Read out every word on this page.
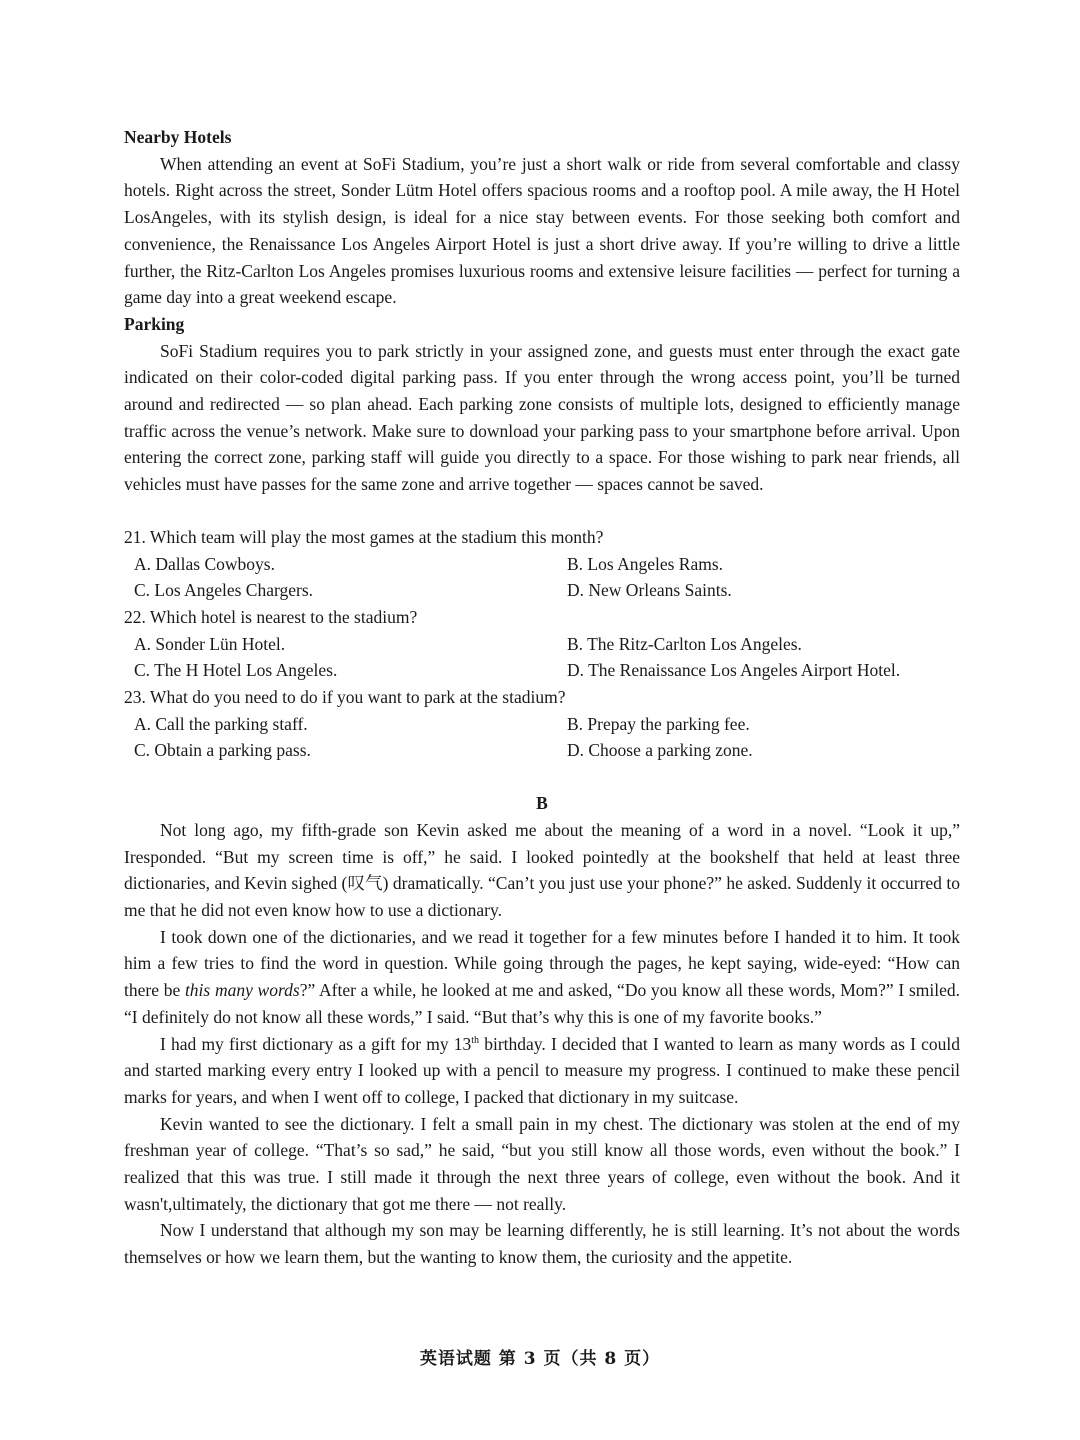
Nearby Hotels

When attending an event at SoFi Stadium, you’re just a short walk or ride from several comfortable and classy hotels. Right across the street, Sonder Lütm Hotel offers spacious rooms and a rooftop pool. A mile away, the H Hotel LosAngeles, with its stylish design, is ideal for a nice stay between events. For those seeking both comfort and convenience, the Renaissance Los Angeles Airport Hotel is just a short drive away. If you’re willing to drive a little further, the Ritz-Carlton Los Angeles promises luxurious rooms and extensive leisure facilities — perfect for turning a game day into a great weekend escape.

Parking

SoFi Stadium requires you to park strictly in your assigned zone, and guests must enter through the exact gate indicated on their color-coded digital parking pass. If you enter through the wrong access point, you’ll be turned around and redirected — so plan ahead. Each parking zone consists of multiple lots, designed to efficiently manage traffic across the venue’s network. Make sure to download your parking pass to your smartphone before arrival. Upon entering the correct zone, parking staff will guide you directly to a space. For those wishing to park near friends, all vehicles must have passes for the same zone and arrive together — spaces cannot be saved.

21. Which team will play the most games at the stadium this month?

A. Dallas Cowboys.	B. Los Angeles Rams.
C. Los Angeles Chargers.	D. New Orleans Saints.

22. Which hotel is nearest to the stadium?

A. Sonder Lün Hotel.	B. The Ritz-Carlton Los Angeles.
C. The H Hotel Los Angeles.	D. The Renaissance Los Angeles Airport Hotel.

23. What do you need to do if you want to park at the stadium?

A. Call the parking staff.	B. Prepay the parking fee.
C. Obtain a parking pass.	D. Choose a parking zone.

B

Not long ago, my fifth-grade son Kevin asked me about the meaning of a word in a novel. “Look it up,” Iresponded. “But my screen time is off,” he said. I looked pointedly at the bookshelf that held at least three dictionaries, and Kevin sighed (叹气) dramatically. “Can’t you just use your phone?” he asked. Suddenly it occurred to me that he did not even know how to use a dictionary.

I took down one of the dictionaries, and we read it together for a few minutes before I handed it to him. It took him a few tries to find the word in question. While going through the pages, he kept saying, wide-eyed: “How can there be this many words?” After a while, he looked at me and asked, “Do you know all these words, Mom?” I smiled. “I definitely do not know all these words,” I said. “But that’s why this is one of my favorite books.”

I had my first dictionary as a gift for my 13th birthday. I decided that I wanted to learn as many words as I could and started marking every entry I looked up with a pencil to measure my progress. I continued to make these pencil marks for years, and when I went off to college, I packed that dictionary in my suitcase.

Kevin wanted to see the dictionary. I felt a small pain in my chest. The dictionary was stolen at the end of my freshman year of college. “That’s so sad,” he said, “but you still know all those words, even without the book.” I realized that this was true. I still made it through the next three years of college, even without the book. And it wasn't,ultimately, the dictionary that got me there — not really.

Now I understand that although my son may be learning differently, he is still learning. It’s not about the words themselves or how we learn them, but the wanting to know them, the curiosity and the appetite.

英语试题 第 3 页（共 8 页）
